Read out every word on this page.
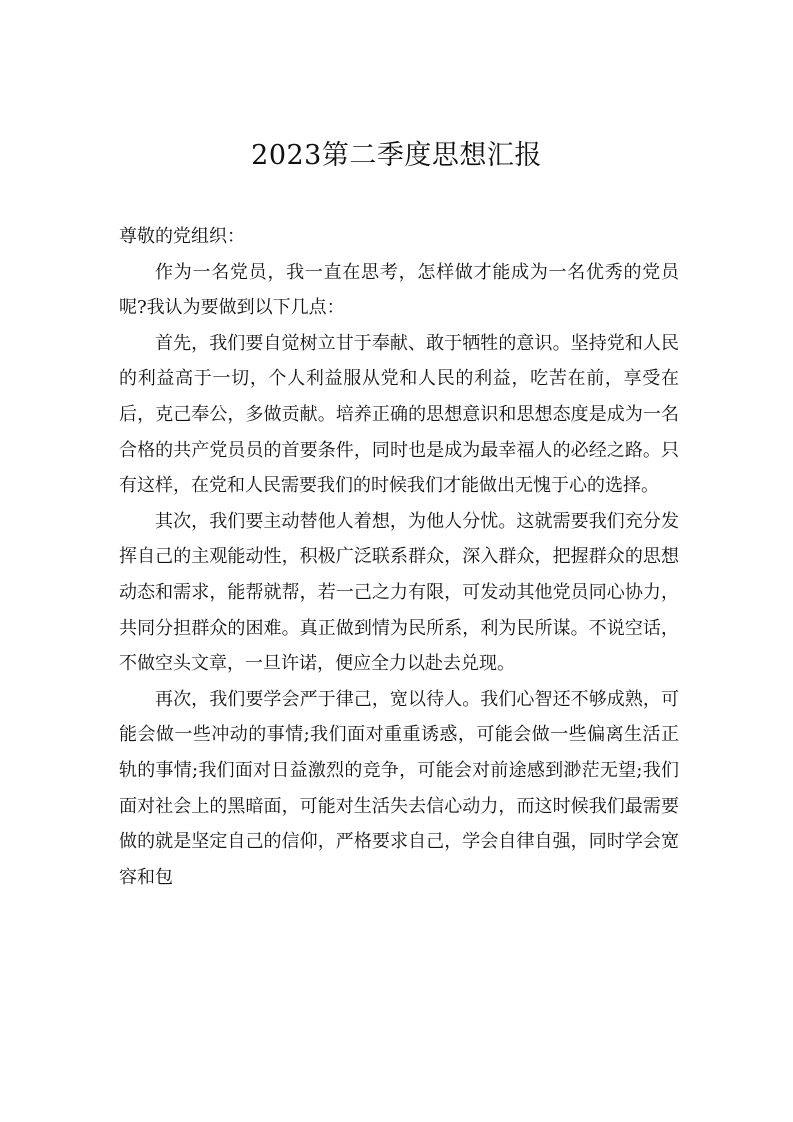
2023第二季度思想汇报

尊敬的党组织：

作为一名党员，我一直在思考，怎样做才能成为一名优秀的党员呢?我认为要做到以下几点：

首先，我们要自觉树立甘于奉献、敢于牺牲的意识。坚持党和人民的利益高于一切，个人利益服从党和人民的利益，吃苦在前，享受在后，克己奉公，多做贡献。培养正确的思想意识和思想态度是成为一名合格的共产党员员的首要条件，同时也是成为最幸福人的必经之路。只有这样，在党和人民需要我们的时候我们才能做出无愧于心的选择。

其次，我们要主动替他人着想，为他人分忧。这就需要我们充分发挥自己的主观能动性，积极广泛联系群众，深入群众，把握群众的思想动态和需求，能帮就帮，若一己之力有限，可发动其他党员同心协力，共同分担群众的困难。真正做到情为民所系，利为民所谋。不说空话，不做空头文章，一旦许诺，便应全力以赴去兑现。

再次，我们要学会严于律己，宽以待人。我们心智还不够成熟，可能会做一些冲动的事情;我们面对重重诱惑，可能会做一些偏离生活正轨的事情;我们面对日益激烈的竞争，可能会对前途感到渺茫无望;我们面对社会上的黑暗面，可能对生活失去信心动力，而这时候我们最需要做的就是坚定自己的信仰，严格要求自己，学会自律自强，同时学会宽容和包
